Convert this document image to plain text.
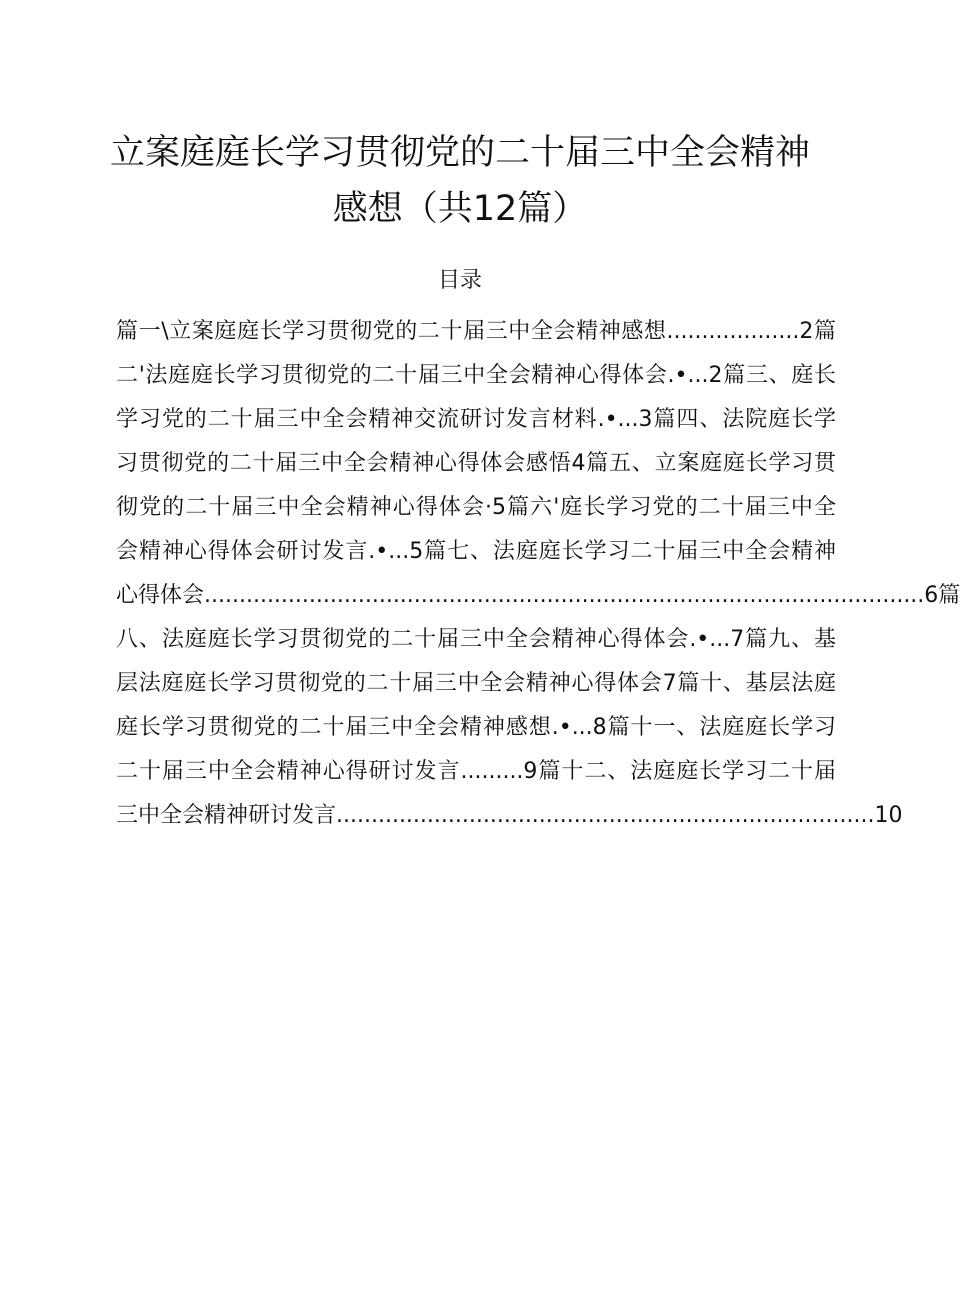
立案庭庭长学习贯彻党的二十届三中全会精神
感想（共12篇）
目录
篇一\立案庭庭长学习贯彻党的二十届三中全会精神感想...................2篇
二'法庭庭长学习贯彻党的二十届三中全会精神心得体会.•...2篇三、庭长
学习党的二十届三中全会精神交流研讨发言材料.•...3篇四、法院庭长学
习贯彻党的二十届三中全会精神心得体会感悟4篇五、立案庭庭长学习贯
彻党的二十届三中全会精神心得体会·5篇六'庭长学习党的二十届三中全
会精神心得体会研讨发言.•...5篇七、法庭庭长学习二十届三中全会精神
心得体会.......................................................................................................6篇
八、法庭庭长学习贯彻党的二十届三中全会精神心得体会.•...7篇九、基
层法庭庭长学习贯彻党的二十届三中全会精神心得体会7篇十、基层法庭
庭长学习贯彻党的二十届三中全会精神感想.•...8篇十一、法庭庭长学习
二十届三中全会精神心得研讨发言.........9篇十二、法庭庭长学习二十届
三中全会精神研讨发言.............................................................................10
